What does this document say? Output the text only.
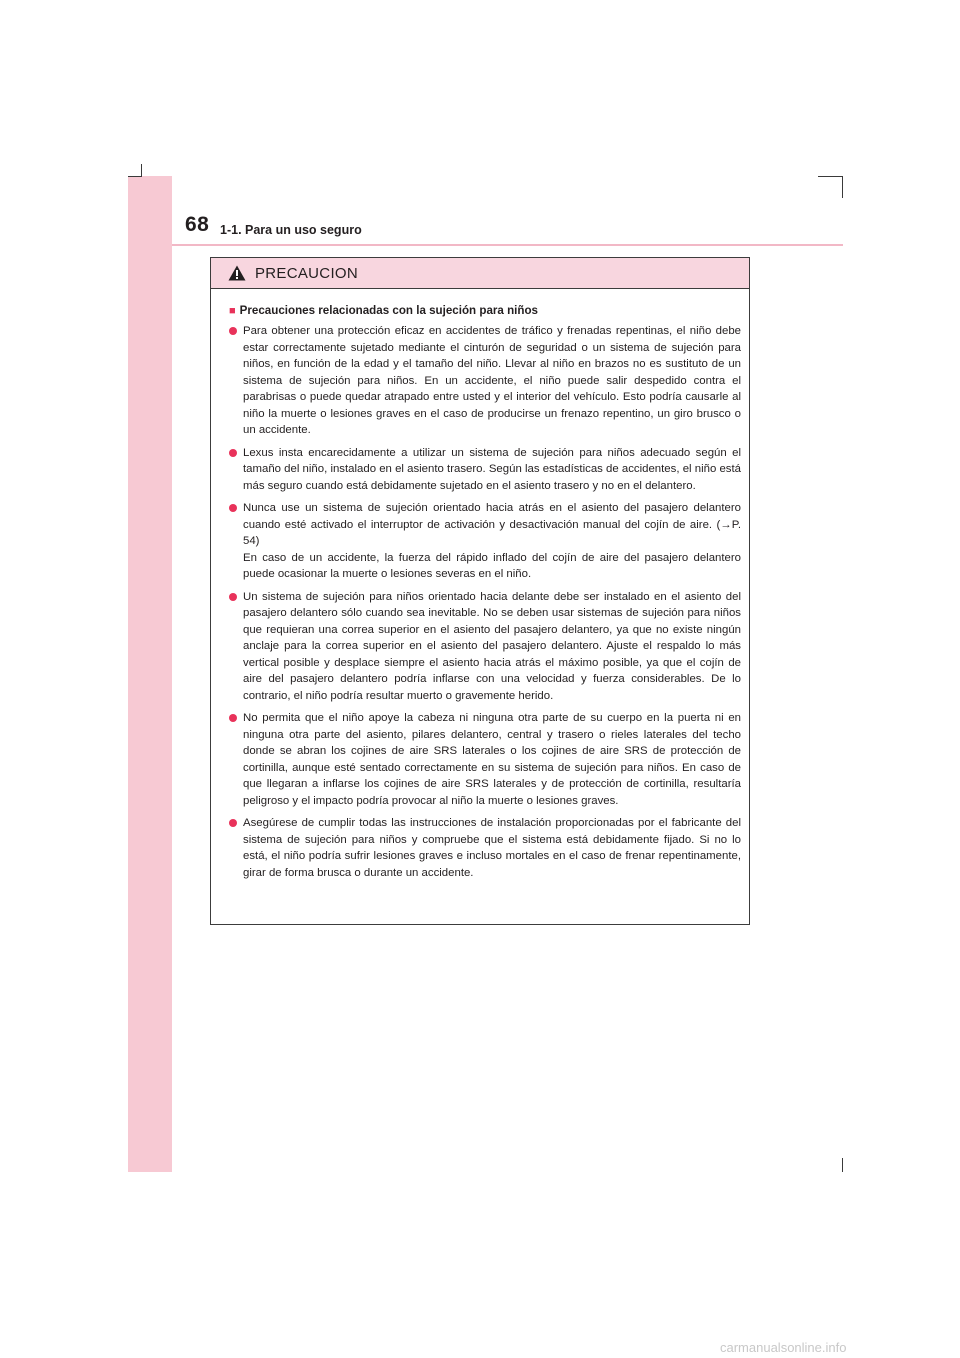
68 1-1. Para un uso seguro
PRECAUCION
■ Precauciones relacionadas con la sujeción para niños
Para obtener una protección eficaz en accidentes de tráfico y frenadas repentinas, el niño debe estar correctamente sujetado mediante el cinturón de seguridad o un sistema de sujeción para niños, en función de la edad y el tamaño del niño. Llevar al niño en brazos no es sustituto de un sistema de sujeción para niños. En un accidente, el niño puede salir despedido contra el parabrisas o puede quedar atrapado entre usted y el interior del vehículo. Esto podría causarle al niño la muerte o lesiones graves en el caso de producirse un frenazo repentino, un giro brusco o un accidente.
Lexus insta encarecidamente a utilizar un sistema de sujeción para niños adecuado según el tamaño del niño, instalado en el asiento trasero. Según las estadísticas de accidentes, el niño está más seguro cuando está debidamente sujetado en el asiento trasero y no en el delantero.
Nunca use un sistema de sujeción orientado hacia atrás en el asiento del pasajero delantero cuando esté activado el interruptor de activación y desactivación manual del cojín de aire. (→P. 54)
En caso de un accidente, la fuerza del rápido inflado del cojín de aire del pasajero delantero puede ocasionar la muerte o lesiones severas en el niño.
Un sistema de sujeción para niños orientado hacia delante debe ser instalado en el asiento del pasajero delantero sólo cuando sea inevitable. No se deben usar sistemas de sujeción para niños que requieran una correa superior en el asiento del pasajero delantero, ya que no existe ningún anclaje para la correa superior en el asiento del pasajero delantero. Ajuste el respaldo lo más vertical posible y desplace siempre el asiento hacia atrás el máximo posible, ya que el cojín de aire del pasajero delantero podría inflarse con una velocidad y fuerza considerables. De lo contrario, el niño podría resultar muerto o gravemente herido.
No permita que el niño apoye la cabeza ni ninguna otra parte de su cuerpo en la puerta ni en ninguna otra parte del asiento, pilares delantero, central y trasero o rieles laterales del techo donde se abran los cojines de aire SRS laterales o los cojines de aire SRS de protección de cortinilla, aunque esté sentado correctamente en su sistema de sujeción para niños. En caso de que llegaran a inflarse los cojines de aire SRS laterales y de protección de cortinilla, resultaría peligroso y el impacto podría provocar al niño la muerte o lesiones graves.
Asegúrese de cumplir todas las instrucciones de instalación proporcionadas por el fabricante del sistema de sujeción para niños y compruebe que el sistema está debidamente fijado. Si no lo está, el niño podría sufrir lesiones graves e incluso mortales en el caso de frenar repentinamente, girar de forma brusca o durante un accidente.
carmanualsonline.info
